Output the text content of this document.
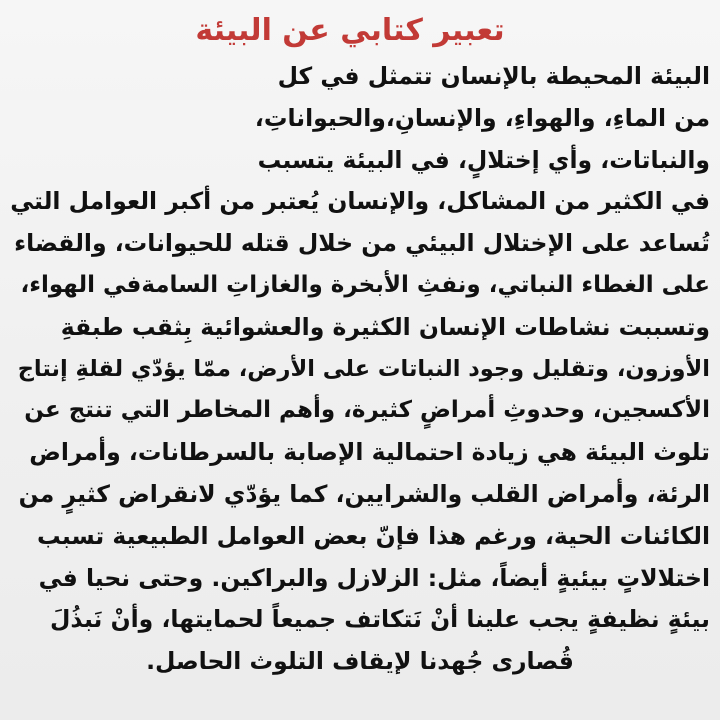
تعبير كتابي عن البيئة
البيئة المحيطة بالإنسان تتمثل في كل
من الماءِ، والهواءِ، والإنسانِ،والحيواناتِ،
والنباتات، وأي إختلالٍ، في البيئة يتسبب
في الكثير من المشاكل، والإنسان يُعتبر من أكبر العوامل التي
تُساعد على الإختلال البيئي من خلال قتله للحيوانات، والقضاء
على الغطاء النباتي، ونفثِ الأبخرة والغازاتِ السامةفي الهواء،
وتسببت نشاطات الإنسان الكثيرة والعشوائية بِثقب طبقةِ
الأوزون، وتقليل وجود النباتات على الأرض، ممّا يؤدّي لقلةِ إنتاج
الأكسجين، وحدوثِ أمراضٍ كثيرة، وأهم المخاطر التي تنتج عن
تلوث البيئة هي زيادة احتمالية الإصابة بالسرطانات، وأمراض
الرئة، وأمراض القلب والشرايين، كما يؤدّي لانقراض كثيرٍ من
الكائنات الحية، ورغم هذا فإنّ بعض العوامل الطبيعية تسبب
اختلالاتٍ بيئيةٍ أيضاً، مثل: الزلازل والبراكين. وحتى نحيا في
بيئةٍ نظيفةٍ يجب علينا أنْ نَتكاتف جميعاً لحمايتها، وأنْ نَبذُلَ
قُصارى جُهدنا لإيقاف التلوث الحاصل.
